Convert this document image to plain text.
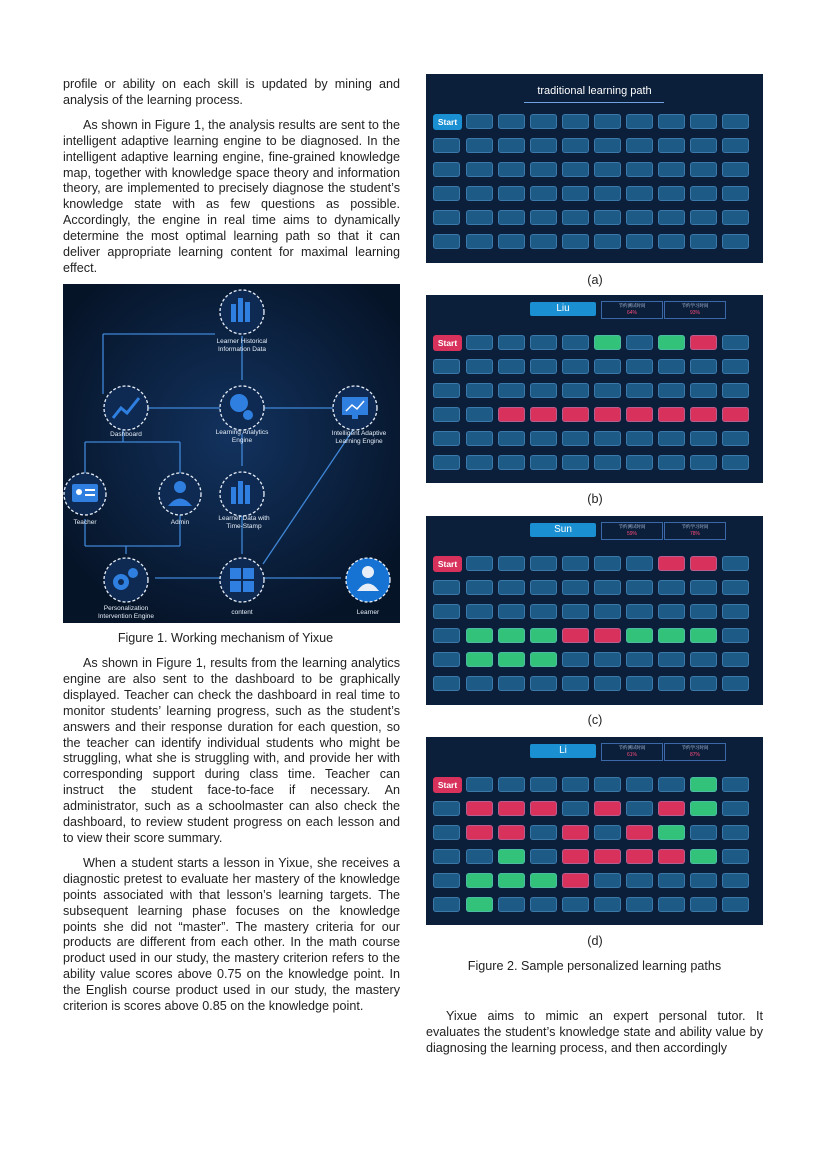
profile or ability on each skill is updated by mining and analysis of the learning process.

As shown in Figure 1, the analysis results are sent to the intelligent adaptive learning engine to be diagnosed. In the intelligent adaptive learning engine, fine-grained knowledge map, together with knowledge space theory and information theory, are implemented to precisely diagnose the student’s knowledge state with as few questions as possible. Accordingly, the engine in real time aims to dynamically determine the most optimal learning path so that it can deliver appropriate learning content for maximal learning effect.

Learner Historical
Information Data
Dashboard	Learning Analytics
Engine
Intelligent Adaptive
Learning Engine
Teacher	Admin
Learner Data with
Time-Stamp
Personalization
Intervention Engine
content	Learner
Figure 1. Working mechanism of Yixue

As shown in Figure 1, results from the learning analytics engine are also sent to the dashboard to be graphically displayed. Teacher can check the dashboard in real time to monitor students’ learning progress, such as the student’s answers and their response duration for each question, so the teacher can identify individual students who might be struggling, what she is struggling with, and provide her with corresponding support during class time. Teacher can instruct the student face-to-face if necessary. An administrator, such as a schoolmaster can also check the dashboard, to review student progress on each lesson and to view their score summary.

When a student starts a lesson in Yixue, she receives a diagnostic pretest to evaluate her mastery of the knowledge points associated with that lesson’s learning targets. The subsequent learning phase focuses on the knowledge points she did not “master”. The mastery criteria for our products are different from each other. In the math course product used in our study, the mastery criterion refers to the ability value scores above 0.75 on the knowledge point. In the English course product used in our study, the mastery criterion is scores above 0.85 on the knowledge point.

traditional learning path
Start
(a)
Liu	节约测试时间
64%
节约学习时间
93%
Start
(b)
Sun	节约测试时间
59%
节约学习时间
78%
Start
(c)
Li	节约测试时间
61%
节约学习时间
87%
Start
(d)
Figure 2. Sample personalized learning paths

Yixue aims to mimic an expert personal tutor. It evaluates the student’s knowledge state and ability value by diagnosing the learning process, and then accordingly
